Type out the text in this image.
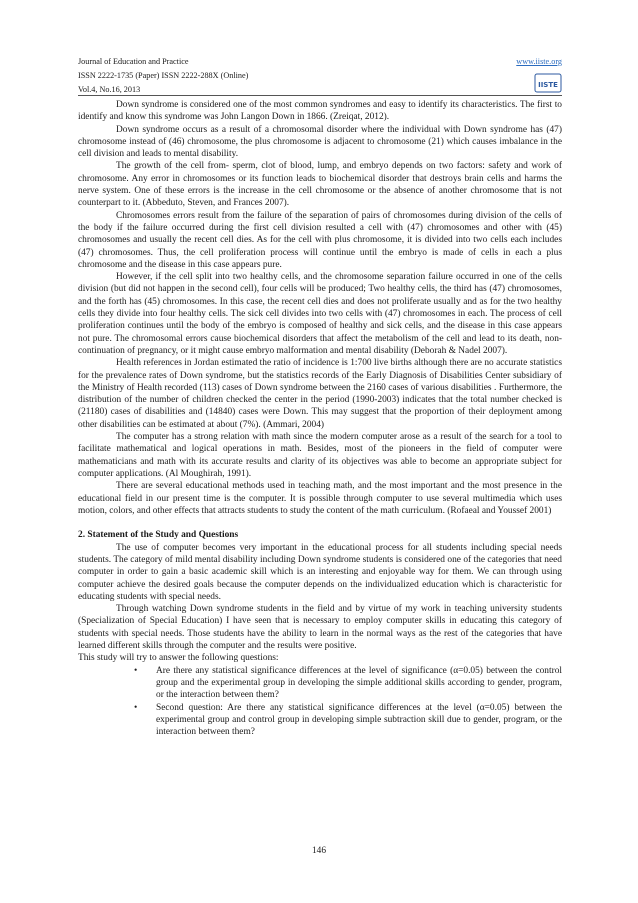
Journal of Education and Practice
ISSN 2222-1735 (Paper) ISSN 2222-288X (Online)
Vol.4, No.16, 2013
www.iiste.org
IISTE

Down syndrome is considered one of the most common syndromes and easy to identify its characteristics. The first to identify and know this syndrome was John Langon Down in 1866. (Zreiqat, 2012).

Down syndrome occurs as a result of a chromosomal disorder where the individual with Down syndrome has (47) chromosome instead of (46) chromosome, the plus chromosome is adjacent to chromosome (21) which causes imbalance in the cell division and leads to mental disability.

The growth of the cell from- sperm, clot of blood, lump, and embryo depends on two factors: safety and work of chromosome. Any error in chromosomes or its function leads to biochemical disorder that destroys brain cells and harms the nerve system. One of these errors is the increase in the cell chromosome or the absence of another chromosome that is not counterpart to it. (Abbeduto, Steven, and Frances 2007).

Chromosomes errors result from the failure of the separation of pairs of chromosomes during division of the cells of the body if the failure occurred during the first cell division resulted a cell with (47) chromosomes and other with (45) chromosomes and usually the recent cell dies. As for the cell with plus chromosome, it is divided into two cells each includes (47) chromosomes. Thus, the cell proliferation process will continue until the embryo is made of cells in each a plus chromosome and the disease in this case appears pure.

However, if the cell split into two healthy cells, and the chromosome separation failure occurred in one of the cells division (but did not happen in the second cell), four cells will be produced; Two healthy cells, the third has (47) chromosomes, and the forth has (45) chromosomes. In this case, the recent cell dies and does not proliferate usually and as for the two healthy cells they divide into four healthy cells. The sick cell divides into two cells with (47) chromosomes in each. The process of cell proliferation continues until the body of the embryo is composed of healthy and sick cells, and the disease in this case appears not pure. The chromosomal errors cause biochemical disorders that affect the metabolism of the cell and lead to its death, non-continuation of pregnancy, or it might cause embryo malformation and mental disability (Deborah & Nadel 2007).

Health references in Jordan estimated the ratio of incidence is 1:700 live births although there are no accurate statistics for the prevalence rates of Down syndrome, but the statistics records of the Early Diagnosis of Disabilities Center subsidiary of the Ministry of Health recorded (113) cases of Down syndrome between the 2160 cases of various disabilities . Furthermore, the distribution of the number of children checked the center in the period (1990-2003) indicates that the total number checked is (21180) cases of disabilities and (14840) cases were Down. This may suggest that the proportion of their deployment among other disabilities can be estimated at about (7%). (Ammari, 2004)

The computer has a strong relation with math since the modern computer arose as a result of the search for a tool to facilitate mathematical and logical operations in math. Besides, most of the pioneers in the field of computer were mathematicians and math with its accurate results and clarity of its objectives was able to become an appropriate subject for computer applications. (Al Moughirah, 1991).

There are several educational methods used in teaching math, and the most important and the most presence in the educational field in our present time is the computer. It is possible through computer to use several multimedia which uses motion, colors, and other effects that attracts students to study the content of the math curriculum. (Rofaeal and Youssef 2001)

2. Statement of the Study and Questions

The use of computer becomes very important in the educational process for all students including special needs students. The category of mild mental disability including Down syndrome students is considered one of the categories that need computer in order to gain a basic academic skill which is an interesting and enjoyable way for them. We can through using computer achieve the desired goals because the computer depends on the individualized education which is characteristic for educating students with special needs.

Through watching Down syndrome students in the field and by virtue of my work in teaching university students (Specialization of Special Education) I have seen that is necessary to employ computer skills in educating this category of students with special needs. Those students have the ability to learn in the normal ways as the rest of the categories that have learned different skills through the computer and the results were positive.

This study will try to answer the following questions:

• Are there any statistical significance differences at the level of significance (α=0.05) between the control group and the experimental group in developing the simple additional skills according to gender, program, or the interaction between them?
• Second question: Are there any statistical significance differences at the level (α=0.05) between the experimental group and control group in developing simple subtraction skill due to gender, program, or the interaction between them?
146
